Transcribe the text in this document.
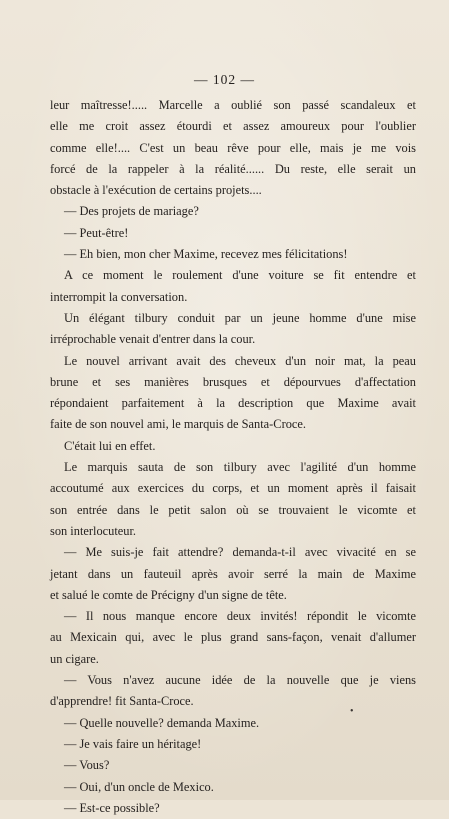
— 102 —
leur maîtresse!..... Marcelle a oublié son passé scandaleux et
elle me croit assez étourdi et assez amoureux pour l'oublier
comme elle!.... C'est un beau rêve pour elle, mais je me vois
forcé de la rappeler à la réalité...... Du reste, elle serait un
obstacle à l'exécution de certains projets....
— Des projets de mariage?
— Peut-être!
— Eh bien, mon cher Maxime, recevez mes félicitations!
A ce moment le roulement d'une voiture se fit entendre et
interrompit la conversation.
Un élégant tilbury conduit par un jeune homme d'une mise
irréprochable venait d'entrer dans la cour.
Le nouvel arrivant avait des cheveux d'un noir mat, la peau
brune et ses manières brusques et dépourvues d'affectation
répondaient parfaitement à la description que Maxime avait
faite de son nouvel ami, le marquis de Santa-Croce.
C'était lui en effet.
Le marquis sauta de son tilbury avec l'agilité d'un homme
accoutumé aux exercices du corps, et un moment après il faisait
son entrée dans le petit salon où se trouvaient le vicomte et
son interlocuteur.
— Me suis-je fait attendre? demanda-t-il avec vivacité en se
jetant dans un fauteuil après avoir serré la main de Maxime
et salué le comte de Précigny d'un signe de tête.
— Il nous manque encore deux invités! répondit le vicomte
au Mexicain qui, avec le plus grand sans-façon, venait d'allumer
un cigare.
— Vous n'avez aucune idée de la nouvelle que je viens
d'apprendre! fit Santa-Croce.
— Quelle nouvelle? demanda Maxime.
— Je vais faire un héritage!
— Vous?
— Oui, d'un oncle de Mexico.
— Est-ce possible?
•
